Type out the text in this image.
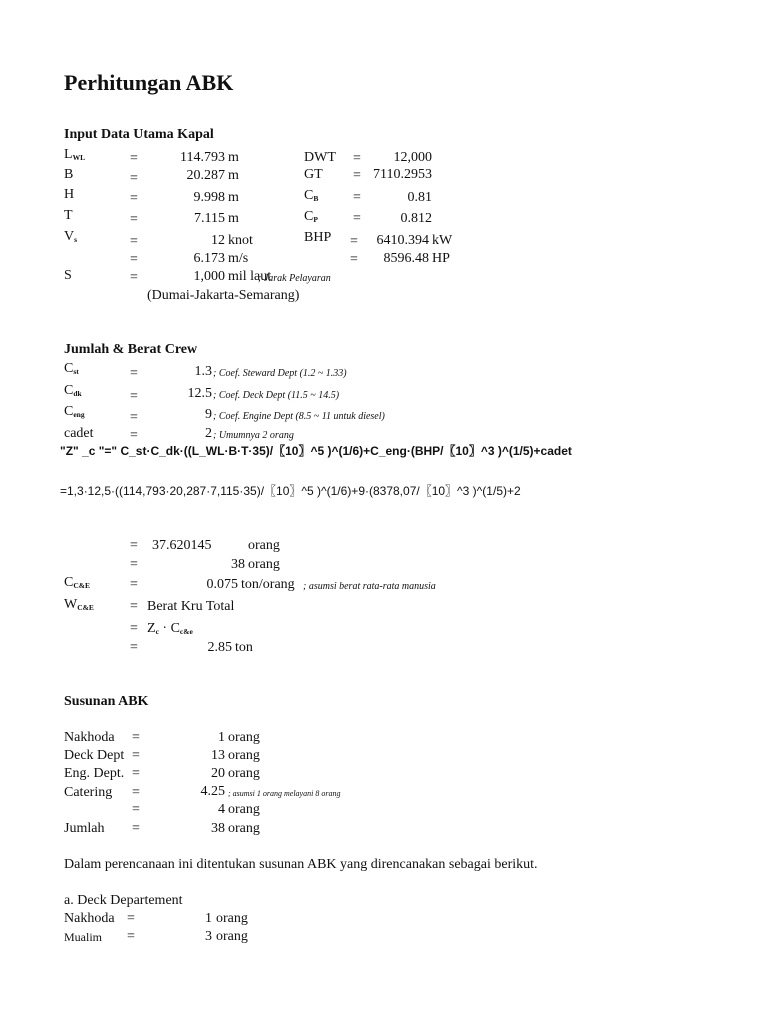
Perhitungan ABK
Input Data Utama Kapal
LWL	=	114.793 m
B	=	20.287 m
H	=	9.998 m
T	=	7.115 m
Vs	=	12 knot
=	6.173 m/s
S	=	1,000 mil laut
; Jarak Pelayaran
(Dumai-Jakarta-Semarang)
DWT =	12,000
GT = 7110.2953
CB =	0.81
CP	=	0.812
BHP =	6410.394 kW
=	8596.48 HP
Jumlah & Berat Crew
Cst	=	1.3 ; Coef. Steward Dept (1.2 ~ 1.33)
Cdk	=	12.5 ; Coef. Deck Dept (11.5 ~ 14.5)
Ceng	=	9 ; Coef. Engine Dept (8.5 ~ 11 untuk diesel)
cadet	=	2 ; Umumnya 2 orang
"Z" _c "=" C_st·C_dk·((L_WL·B·T·35)/〖10〗^5 )^(1/6)+C_eng·(BHP/〖10〗^3 )^(1/5)+cadet
=1,3·12,5·((114,793·20,287·7,115·35)/〖10〗^5 )^(1/6)+9·(8378,07/〖10〗^3 )^(1/5)+2
= 37.620145	orang
=	38 orang
CC&E	=	0.075 ton/orang ; asumsi berat rata-rata manusia
WC&E	= Berat Kru Total
= Zc · Cc&e
=	2.85 ton
Susunan ABK
Nakhoda =	1 orang
Deck Dept =	13 orang
Eng. Dept. =	20 orang
Catering =	4.25 ; asumsi 1 orang melayani 8 orang
=	4 orang
Jumlah =	38 orang
Dalam perencanaan ini ditentukan susunan ABK yang direncanakan sebagai berikut.
a. Deck Departement
Nakhoda =	1 orang
Mualim =	3 orang
